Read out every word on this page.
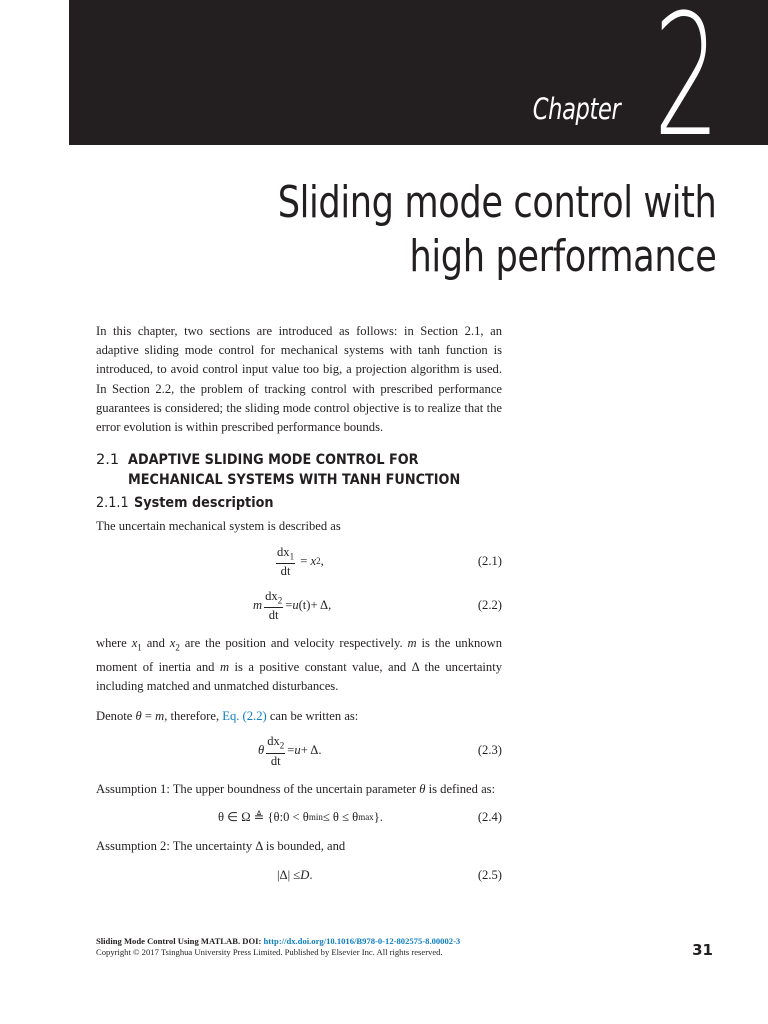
Chapter 2
Sliding mode control with
high performance

In this chapter, two sections are introduced as follows: in Section 2.1, an adaptive sliding mode control for mechanical systems with tanh function is introduced, to avoid control input value too big, a projection algorithm is used. In Section 2.2, the problem of tracking control with prescribed performance guarantees is considered; the sliding mode control objective is to realize that the error evolution is within prescribed performance bounds.

2.1 ADAPTIVE SLIDING MODE CONTROL FOR
MECHANICAL SYSTEMS WITH TANH FUNCTION
2.1.1 System description

The uncertain mechanical system is described as

$\frac{dx_1}{dt} = x$ 2 ,	(2.1)
m $\frac{dx_2}{dt} = u$ (t) + Δ,	(2.2)

where $x_1$ and $x_2$ are the position and velocity respectively. m is the unknown moment of inertia and m is a positive constant value, and Δ the uncertainty including matched and unmatched disturbances.

Denote θ = m, therefore, Eq. (2.2) can be written as:

θ $\frac{dx_2}{dt} = u + \Delta$.	(2.3)

Assumption 1: The upper boundness of the uncertain parameter θ is defined as:

θ ∈ Ω ≜ {θ:0 < θ min ≤ θ ≤ θ max }.	(2.4)

Assumption 2: The uncertainty Δ is bounded, and

|Δ| ≤ D .	(2.5)
Sliding Mode Control Using MATLAB. DOI: http://dx.doi.org/10.1016/B978-0-12-802575-8.00002-3
Copyright © 2017 Tsinghua University Press Limited. Published by Elsevier Inc. All rights reserved.	31
